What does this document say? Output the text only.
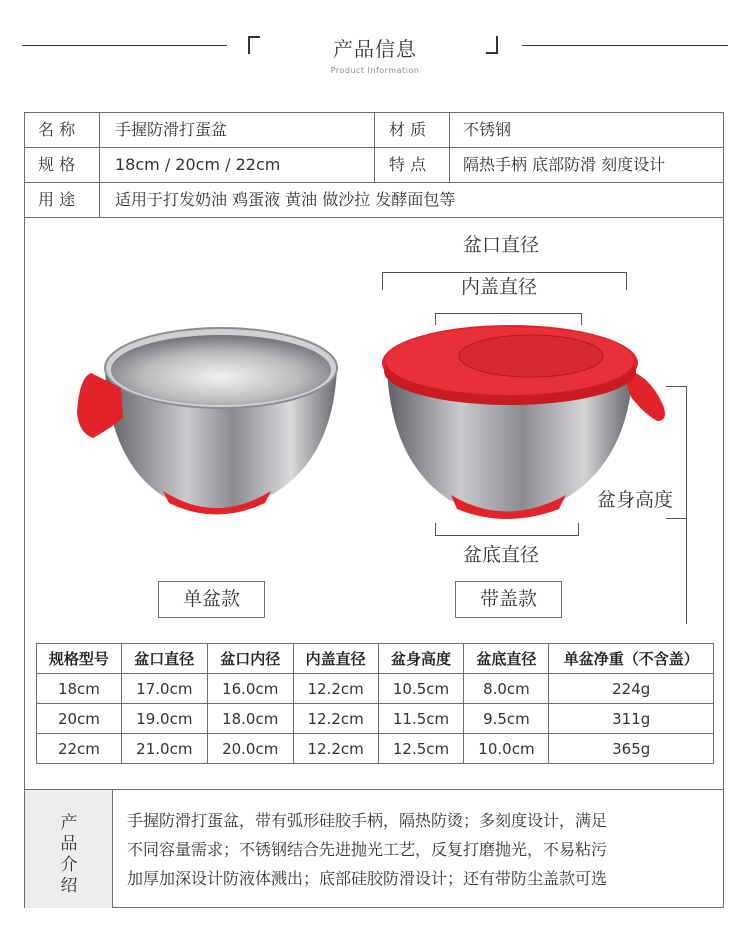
产品信息
Product Information
名 称 手握防滑打蛋盆	材 质 不锈钢
规 格 18cm / 20cm / 22cm	特 点 隔热手柄 底部防滑 刻度设计
用 途 适用于打发奶油 鸡蛋液 黄油 做沙拉 发酵面包等
盆口直径
内盖直径
盆身高度
盆底直径
单盆款	带盖款
规格型号	盆口直径	盆口内径	内盖直径	盆身高度	盆底直径	单盆净重（不含盖）
18cm	17.0cm	16.0cm	12.2cm	10.5cm	8.0cm	224g
20cm	19.0cm	18.0cm	12.2cm	11.5cm	9.5cm	311g
22cm	21.0cm	20.0cm	12.2cm	12.5cm	10.0cm	365g
产
品
介
绍
手握防滑打蛋盆，带有弧形硅胶手柄，隔热防烫；多刻度设计，满足
不同容量需求；不锈钢结合先进抛光工艺，反复打磨抛光，不易粘污
加厚加深设计防液体溅出；底部硅胶防滑设计；还有带防尘盖款可选
